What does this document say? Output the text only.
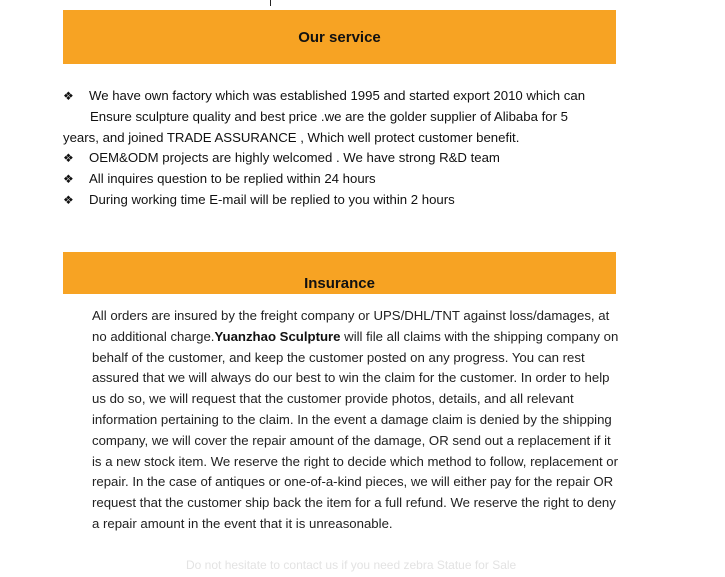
Our service
❖ We have own factory which was established 1995 and started export 2010 which can
Ensure sculpture quality and best price .we are the golder supplier of Alibaba for 5
years, and joined TRADE ASSURANCE , Which well protect customer benefit.
❖ OEM&ODM projects are highly welcomed . We have strong R&D team
❖ All inquires question to be replied within 24 hours
❖ During working time E-mail will be replied to you within 2 hours
Insurance
All orders are insured by the freight company or UPS/DHL/TNT against loss/damages, at no additional charge.Yuanzhao Sculpture will file all claims with the shipping company on behalf of the customer, and keep the customer posted on any progress. You can rest assured that we will always do our best to win the claim for the customer. In order to help us do so, we will request that the customer provide photos, details, and all relevant information pertaining to the claim. In the event a damage claim is denied by the shipping company, we will cover the repair amount of the damage, OR send out a replacement if it is a new stock item. We reserve the right to decide which method to follow, replacement or repair. In the case of antiques or one-of-a-kind pieces, we will either pay for the repair OR request that the customer ship back the item for a full refund. We reserve the right to deny a repair amount in the event that it is unreasonable.
Do not hesitate to contact us if you need zebra Statue for Sale
